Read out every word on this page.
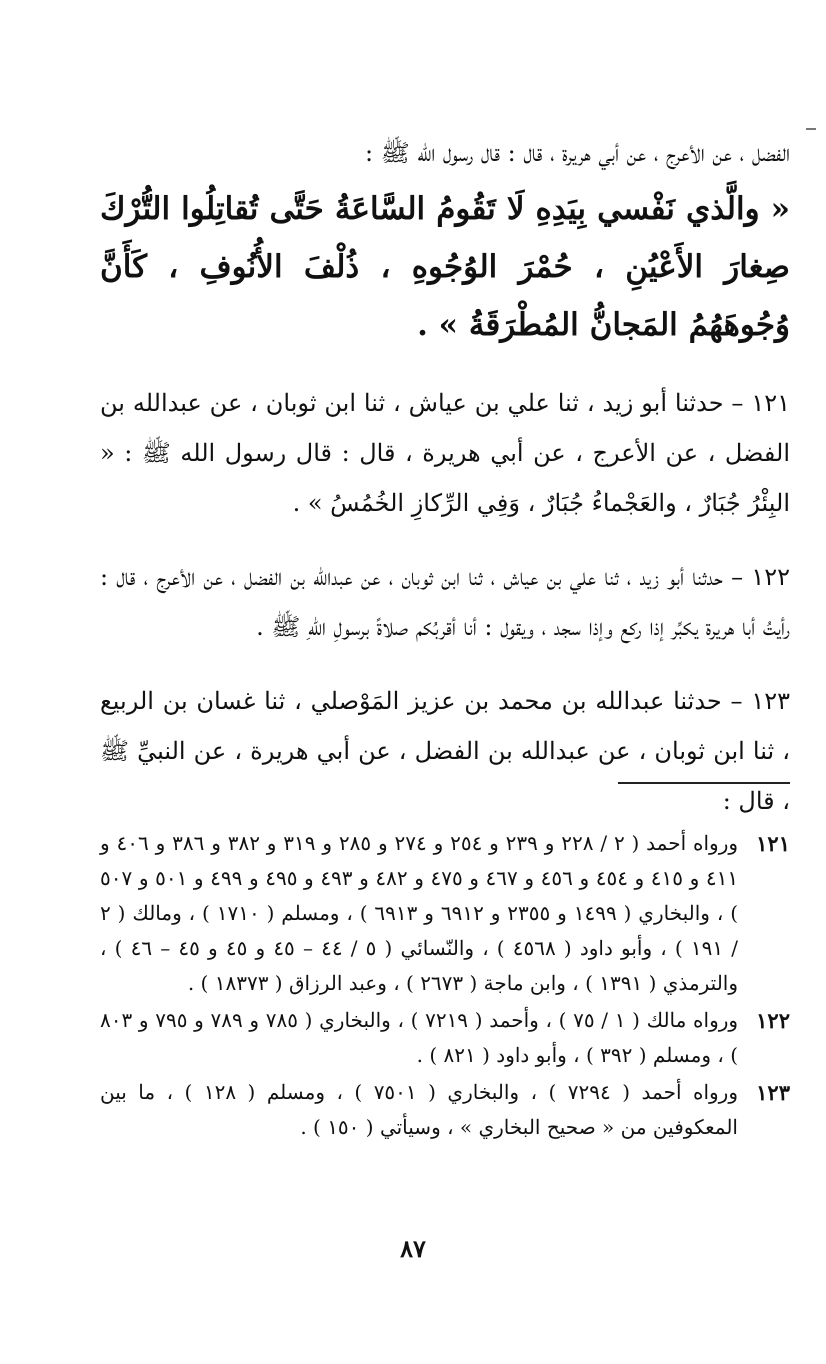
الفضل ، عن الأعرج ، عن أبي هريرة ، قال : قال رسول الله ﷺ :

« والَّذي نَفْسي بِيَدِهِ لَا تَقُومُ السَّاعَةُ حَتَّى تُقاتِلُوا التُّرْكَ صِغارَ الأَعْيُنِ ، حُمْرَ الوُجُوهِ ، ذُلْفَ الأُنُوفِ ، كَأَنَّ وُجُوهَهُمُ المَجانُّ المُطْرَقَةُ » .

١٢١ – حدثنا أبو زيد ، ثنا علي بن عياش ، ثنا ابن ثوبان ، عن عبدالله بن الفضل ، عن الأعرج ، عن أبي هريرة ، قال : قال رسول الله ﷺ : « البِئْرُ جُبَارٌ ، والعَجْماءُ جُبَارٌ ، وَفِي الرِّكازِ الخُمُسُ » .

١٢٢ – حدثنا أبو زيد ، ثنا علي بن عياش ، ثنا ابن ثوبان ، عن عبدالله بن الفضل ، عن الأعرج ، قال : رأيتُ أبا هريرة يكبِّر إذا ركع وإذا سجد ، ويقول : أنا أقربُكم صلاةً برسولِ اللهِ ﷺ .

١٢٣ – حدثنا عبدالله بن محمد بن عزيز المَوْصلي ، ثنا غسان بن الربيع ، ثنا ابن ثوبان ، عن عبدالله بن الفضل ، عن أبي هريرة ، عن النبيِّ ﷺ ، قال :

١٢١
ورواه أحمد ( ٢ / ٢٢٨ و ٢٣٩ و ٢٥٤ و ٢٧٤ و ٢٨٥ و ٣١٩ و ٣٨٢ و ٣٨٦ و ٤٠٦ و ٤١١ و ٤١٥ و ٤٥٤ و ٤٥٦ و ٤٦٧ و ٤٧٥ و ٤٨٢ و ٤٩٣ و ٤٩٥ و ٤٩٩ و ٥٠١ و ٥٠٧ ) ، والبخاري ( ١٤٩٩ و ٢٣٥٥ و ٦٩١٢ و ٦٩١٣ ) ، ومسلم ( ١٧١٠ ) ، ومالك ( ٢ / ١٩١ ) ، وأبو داود ( ٤٥٦٨ ) ، والنّسائي ( ٥ / ٤٤ – ٤٥ و ٤٥ و ٤٥ – ٤٦ ) ، والترمذي ( ١٣٩١ ) ، وابن ماجة ( ٢٦٧٣ ) ، وعبد الرزاق ( ١٨٣٧٣ ) .
١٢٢
ورواه مالك ( ١ / ٧٥ ) ، وأحمد ( ٧٢١٩ ) ، والبخاري ( ٧٨٥ و ٧٨٩ و ٧٩٥ و ٨٠٣ ) ، ومسلم ( ٣٩٢ ) ، وأبو داود ( ٨٢١ ) .
١٢٣
ورواه أحمد ( ٧٢٩٤ ) ، والبخاري ( ٧٥٠١ ) ، ومسلم ( ١٢٨ ) ، ما بين المعكوفين من « صحيح البخاري » ، وسيأتي ( ١٥٠ ) .
٨٧
